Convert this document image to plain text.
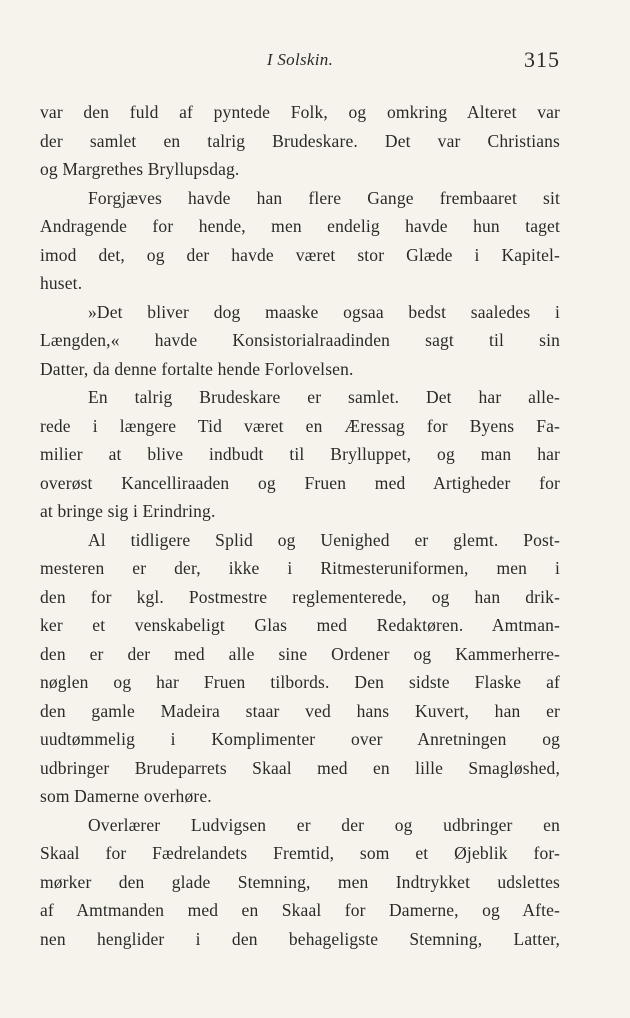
I Solskin.	315
var den fuld af pyntede Folk, og omkring Alteret var
der samlet en talrig Brudeskare. Det var Christians
og Margrethes Bryllupsdag.
Forgjæves havde han flere Gange frembaaret sit
Andragende for hende, men endelig havde hun taget
imod det, og der havde været stor Glæde i Kapitel-
huset.
»Det bliver dog maaske ogsaa bedst saaledes i
Længden,« havde Konsistorialraadinden sagt til sin
Datter, da denne fortalte hende Forlovelsen.
En talrig Brudeskare er samlet. Det har alle-
rede i længere Tid været en Æressag for Byens Fa-
milier at blive indbudt til Brylluppet, og man har
overøst Kancelliraaden og Fruen med Artigheder for
at bringe sig i Erindring.
Al tidligere Splid og Uenighed er glemt. Post-
mesteren er der, ikke i Ritmesteruniformen, men i
den for kgl. Postmestre reglementerede, og han drik-
ker et venskabeligt Glas med Redaktøren. Amtman-
den er der med alle sine Ordener og Kammerherre-
nøglen og har Fruen tilbords. Den sidste Flaske af
den gamle Madeira staar ved hans Kuvert, han er
uudtømmelig i Komplimenter over Anretningen og
udbringer Brudeparrets Skaal med en lille Smagløshed,
som Damerne overhøre.
Overlærer Ludvigsen er der og udbringer en
Skaal for Fædrelandets Fremtid, som et Øjeblik for-
mørker den glade Stemning, men Indtrykket udslettes
af Amtmanden med en Skaal for Damerne, og Afte-
nen henglider i den behageligste Stemning, Latter,
